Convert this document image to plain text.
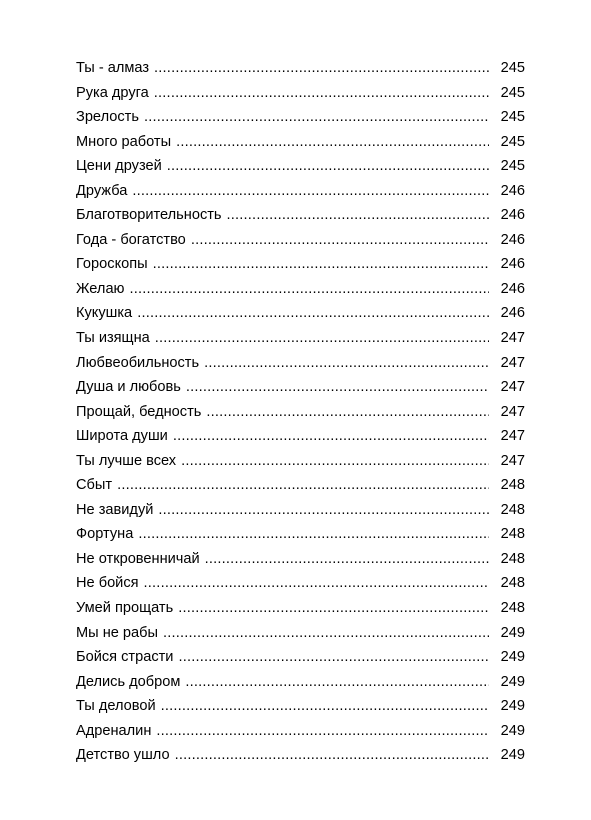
Ты - алмаз .....	245
Рука друга .....	245
Зрелость .....	245
Много работы .....	245
Цени друзей .....	245
Дружба .....	246
Благотворительность .....	246
Года - богатство .....	246
Гороскопы .....	246
Желаю .....	246
Кукушка .....	246
Ты изящна .....	247
Любвеобильность .....	247
Душа и любовь .....	247
Прощай, бедность .....	247
Широта души .....	247
Ты лучше всех .....	247
Сбыт .....	248
Не завидуй .....	248
Фортуна .....	248
Не откровенничай .....	248
Не бойся .....	248
Умей прощать .....	248
Мы не рабы .....	249
Бойся страсти .....	249
Делись добром .....	249
Ты деловой .....	249
Адреналин .....	249
Детство ушло .....	249
